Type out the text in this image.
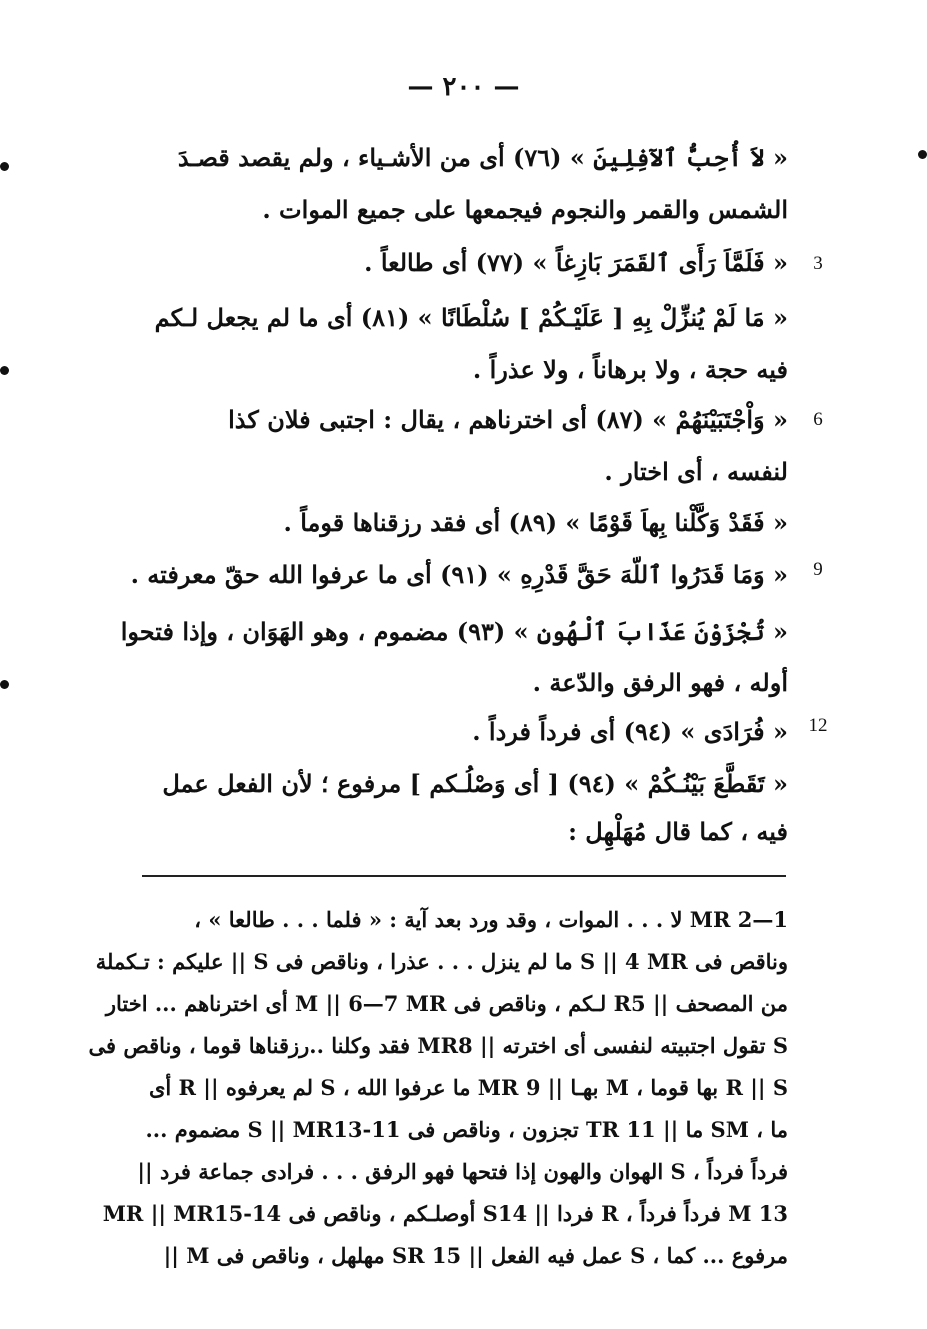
— ٢٠٠ —
« لاَ أُحِبُّ ٱلآفِلِينَ » (٧٦) أى من الأشـياء ، ولم يقصد قصـدَ
الشمس والقمر والنجوم فيجمعها على جميع الموات .
« فَلَمَّاَ رَأَى ٱلقَمَرَ بَازِغاً » (٧٧) أى طالعاً .	3
« مَا لَمْ يُنزِّلْ بِهِ [ عَلَيْـكُمْ ] سُلْطَانًا » (٨١) أى ما لم يجعل لـكم
فيه حجة ، ولا برهاناً ، ولا عذراً .
« وَاْجْتَبَيْنَهُمْ » (٨٧) أى اخترناهم ، يقال : اجتبى فلان كذا	6
لنفسه ، أى اختار .
« فَقَدْ وَكَّلْنا بِهاَ قَوْمًا » (٨٩) أى فقد رزقناها قوماً .
« وَمَا قَدَرُوا ٱللّهَ حَقَّ قَدْرِهِ » (٩١) أى ما عرفوا الله حقّ معرفته .	9
« تُجْزَوْنَ عَذَابَ ٱلْهُونِ » (٩٣) مضموم ، وهو الهَوَان ، وإذا فتحوا
أوله ، فهو الرفق والدّعة .
« فُرَادَى » (٩٤) أى فرداً فرداً . 12
« تَقَطَّعَ بَيْنُـكُمْ » (٩٤) [ أى وَصْلُـكم ] مرفوع ؛ لأن الفعل عمل
فيه ، كما قال مُهَلْهِل :
1—2 MR لا . . . الموات ، وقد ورد بعد آية : « فلما . . . طالعا » ،
وناقص فى S || 4 MR ما لم ينزل . . . عذرا ، وناقص فى S || عليكم : تـكملة
من المصحف || R5 لـكم ، وناقص فى M || 6—7 MR أى اخترناهم ... اختار
S تقول اجتبيته لنفسى أى اخترته || MR8 فقد وكلنا ..رزقناها قوما ، وناقص فى
R || S بها قوما ، M بهـا || 9 MR ما عرفوا الله ، S لم يعرفوه || R أى
ما ، SM ما || 11 TR تجزون ، وناقص فى S || MR13-11 مضموم ...
فرداً فرداً ، S الهوان والهون إذا فتحها فهو الرفق . . . فرادى جماعة فرد ||
13 M فرداً فرداً ، R فردا || S14 أوصلـكم ، وناقص فى MR || MR15-14
مرفوع ... كما ، S عمل فيه الفعل || 15 SR مهلهل ، وناقص فى M ||
